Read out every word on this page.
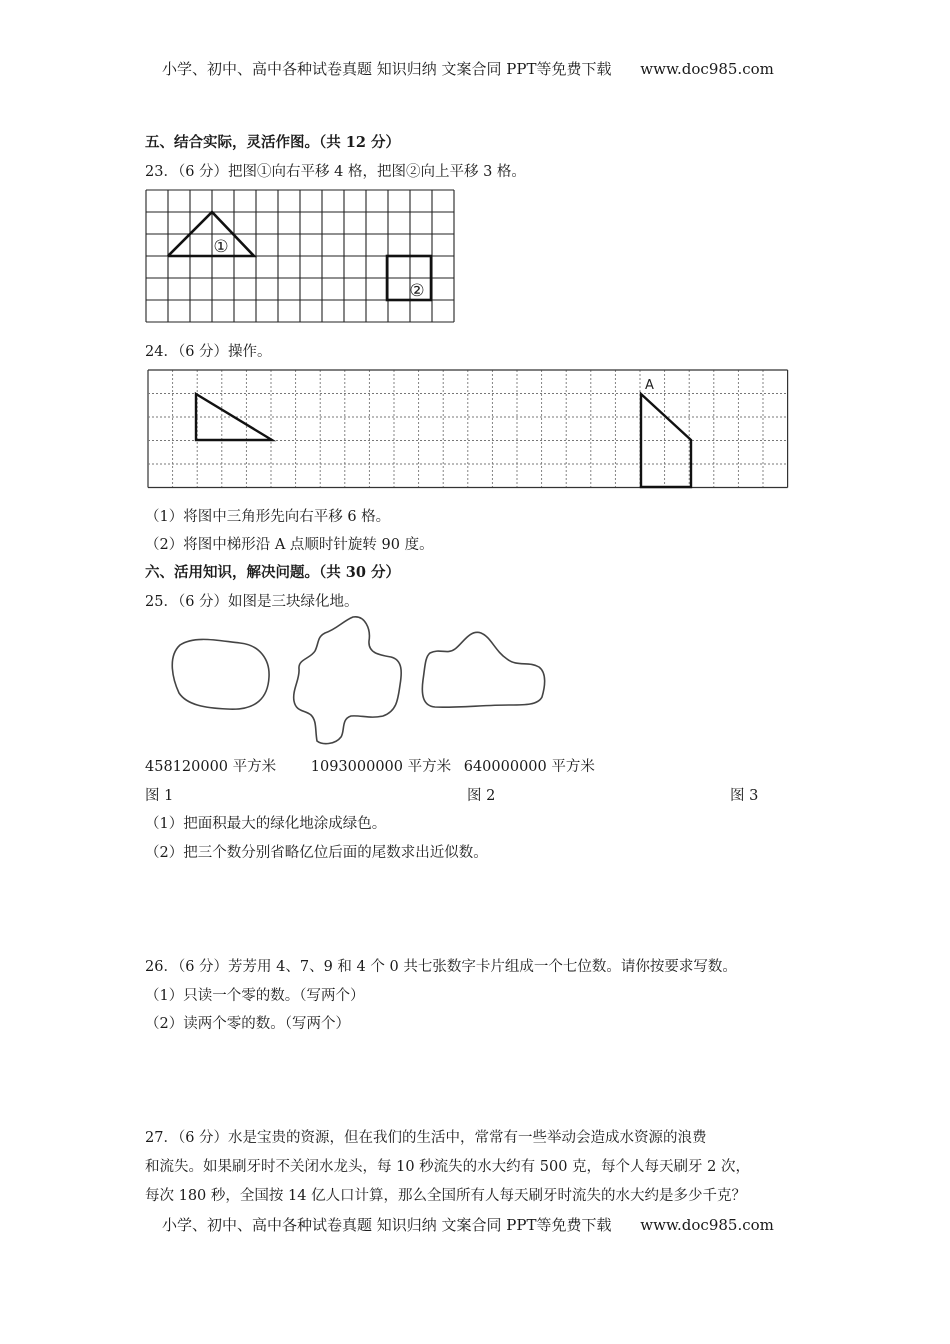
小学、初中、高中各种试卷真题 知识归纳 文案合同 PPT等免费下载 www.doc985.com
五、结合实际，灵活作图。（共 12 分）
23．（6 分）把图①向右平移 4 格，把图②向上平移 3 格。
①
②
24．（6 分）操作。
A
（1）将图中三角形先向右平移 6 格。
（2）将图中梯形沿 A 点顺时针旋转 90 度。
六、活用知识，解决问题。（共 30 分）
25．（6 分）如图是三块绿化地。
458120000 平方米 1093000000 平方米 640000000 平方米
图 1	图 2	图 3
（1）把面积最大的绿化地涂成绿色。
（2）把三个数分别省略亿位后面的尾数求出近似数。
26．（6 分）芳芳用 4、7、9 和 4 个 0 共七张数字卡片组成一个七位数。请你按要求写数。
（1）只读一个零的数。（写两个）
（2）读两个零的数。（写两个）
27．（6 分）水是宝贵的资源，但在我们的生活中，常常有一些举动会造成水资源的浪费
和流失。如果刷牙时不关闭水龙头，每 10 秒流失的水大约有 500 克，每个人每天刷牙 2 次，
每次 180 秒，全国按 14 亿人口计算，那么全国所有人每天刷牙时流失的水大约是多少千克？
小学、初中、高中各种试卷真题 知识归纳 文案合同 PPT等免费下载 www.doc985.com
